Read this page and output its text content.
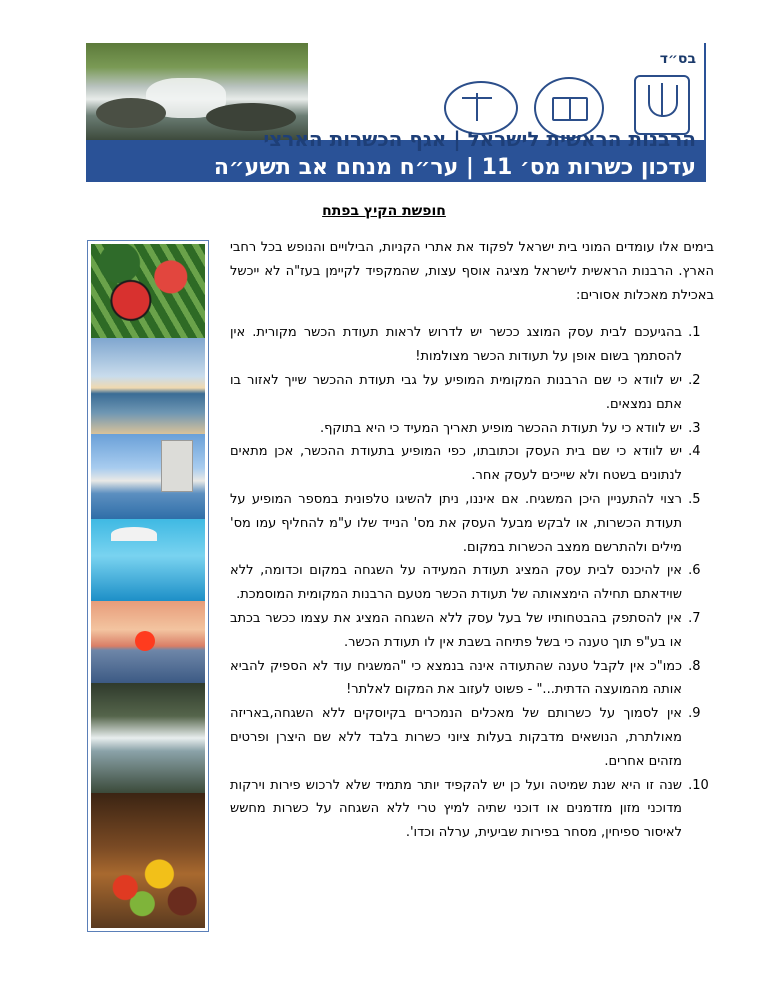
בס״ד
הרבנות הראשית לישראל | אגף הכשרות הארצי
עדכון כשרות מס׳ 11 | ער״ח מנחם אב תשע״ה
חופשת הקיץ בפתח

בימים אלו עומדים המוני בית ישראל לפקוד את אתרי הקניות, הבילויים והנופש בכל רחבי הארץ. הרבנות הראשית לישראל מציגה אוסף עצות, שהמקפיד לקיימן בעז"ה לא ייכשל באכילת מאכלות אסורים:

1. בהגיעכם לבית עסק המוצג ככשר יש לדרוש לראות תעודת הכשר מקורית. אין להסתמך בשום אופן על תעודות הכשר מצולמות!
2. יש לוודא כי שם הרבנות המקומית המופיע על גבי תעודת ההכשר שייך לאזור בו אתם נמצאים.
3. יש לוודא כי על תעודת ההכשר מופיע תאריך המעיד כי היא בתוקף.
4. יש לוודא כי שם בית העסק וכתובתו, כפי המופיע בתעודת ההכשר, אכן מתאים לנתונים בשטח ולא שייכים לעסק אחר.
5. רצוי להתעניין היכן המשגיח. אם איננו, ניתן להשיגו טלפונית במספר המופיע על תעודת הכשרות, או לבקש מבעל העסק את מס' הנייד שלו ע"מ להחליף עמו מס' מילים ולהתרשם ממצב הכשרות במקום.
6. אין להיכנס לבית עסק המציג תעודת המעידה על השגחה במקום וכדומה, ללא שוידאתם תחילה הימצאותה של תעודת הכשר מטעם הרבנות המקומית המוסמכת.
7. אין להסתפק בהבטחותיו של בעל עסק ללא השגחה המציג את עצמו ככשר בכתב או בע"פ תוך טענה כי בשל פתיחה בשבת אין לו תעודת הכשר.
8. כמו"כ אין לקבל טענה שהתעודה אינה בנמצא כי "המשגיח עוד לא הספיק להביא אותה מהמועצה הדתית..." - פשוט לעזוב את המקום לאלתר!
9. אין לסמוך על כשרותם של מאכלים הנמכרים בקיוסקים ללא השגחה,באריזה מאולתרת, הנושאים מדבקות בעלות ציוני כשרות בלבד ללא שם היצרן ופרטים מזהים אחרים.
10. שנה זו היא שנת שמיטה ועל כן יש להקפיד יותר מתמיד שלא לרכוש פירות וירקות מדוכני מזון מזדמנים או דוכני שתיה למיץ טרי ללא השגחה על כשרות מחשש לאיסור ספיחין, מסחר בפירות שביעית, ערלה וכדו'.
